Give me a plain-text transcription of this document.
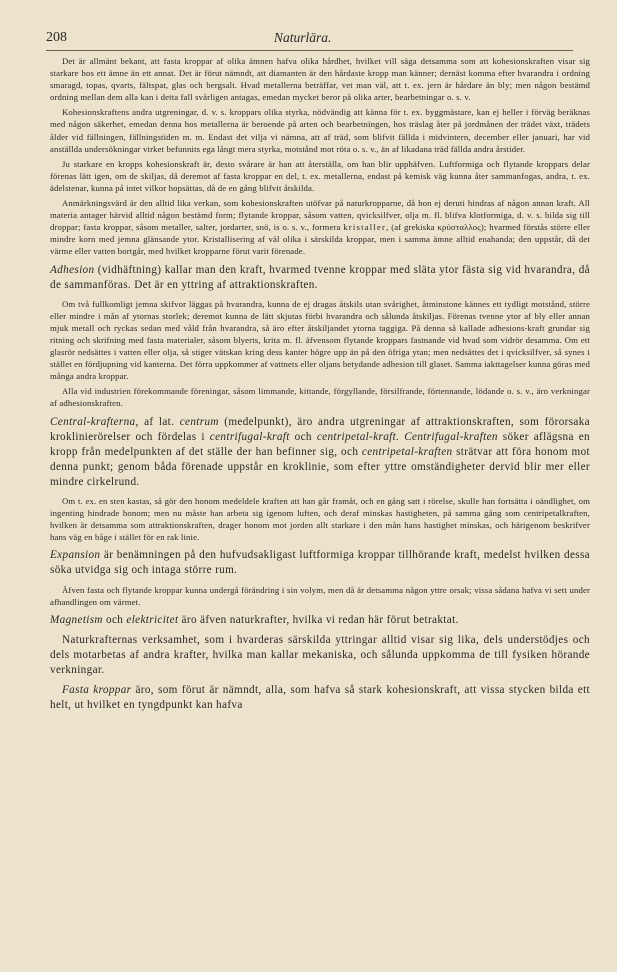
208	Naturlära.

Det är allmänt bekant, att fasta kroppar af olika ämnen hafva olika hårdhet, hvilket vill säga detsamma som att kohesionskraften visar sig starkare hos ett ämne än ett annat. Det är förut nämndt, att diamanten är den hårdaste kropp man känner; dernäst komma efter hvarandra i ordning smaragd, topas, qvarts, fältspat, glas och bergsalt. Hvad metallerna beträffar, vet man väl, att t. ex. jern är hårdare än bly; men någon bestämd ordning mellan dem alla kan i detta fall svårligen antagas, emedan mycket beror på olika arter, bearbetningar o. s. v.

Kohesionskraftens andra utgreningar, d. v. s. kroppars olika styrka, nödvändig att känna för t. ex. byggmästare, kan ej heller i förväg beräknas med någon säkerhet, emedan denna hos metallerna är beroende på arten och bearbetningen, hos träslag åter på jordmånen der trädet växt, trädets ålder vid fällningen, fällningstiden m. m. Endast det vilja vi nämna, att af träd, som blifvit fällda i midvintern, december eller januari, har vid anställda undersökningar virket befunnits ega långt mera styrka, motstånd mot röta o. s. v., än af likadana träd fällda andra årstider.

Ju starkare en kropps kohesionskraft är, desto svårare är han att återställa, om han blir upphäfven. Luftformiga och flytande kroppars delar förenas lätt igen, om de skiljas, då deremot af fasta kroppar en del, t. ex. metallerna, endast på kemisk väg kunna åter sammanfogas, andra, t. ex. ädelstenar, kunna på intet vilkor hopsättas, då de en gång blifvit åtskilda.

Anmärkningsvärd är den alltid lika verkan, som kohesionskraften utöfvar på naturkropparne, då hon ej deruti hindras af någon annan kraft. All materia antager härvid alltid någon bestämd form; flytande kroppar, såsom vatten, qvicksilfver, olja m. fl. blifva klotformiga, d. v. s. bilda sig till droppar; fasta kroppar, såsom metaller, salter, jordarter, snö, is o. s. v., formera kristaller, (af grekiska κρύσταλλος); hvarmed förstås större eller mindre korn med jemna glänsande ytor. Kristallisering af väl olika i särskilda kroppar, men i samma ämne alltid enahanda; den uppstår, då det värme eller vatten bortgår, med hvilket kropparne förut varit förenade.

Adhesion (vidhäftning) kallar man den kraft, hvarmed tvenne kroppar med släta ytor fästa sig vid hvarandra, då de sammanföras. Det är en yttring af attraktionskraften.

Om två fullkomligt jemna skifvor läggas på hvarandra, kunna de ej dragas åtskils utan svårighet, åtminstone kännes ett tydligt motstånd, större eller mindre i mån af ytornas storlek; deremot kunna de lätt skjutas förbi hvarandra och sålunda åtskiljas. Förenas tvenne ytor af bly eller annan mjuk metall och ryckas sedan med våld från hvarandra, så äro efter åtskiljandet ytorna taggiga. På denna så kallade adhesions-kraft grundar sig ritning och skrifning med fasta materialer, såsom blyerts, krita m. fl. äfvensom flytande kroppars fastnande vid hvad som vidrör desamma. Om ett glasrör nedsättes i vatten eller olja, så stiger vätskan kring dess kanter högre upp än på den öfriga ytan; men nedsättes det i qvicksilfver, så synes i stället en fördjupning vid kanterna. Det förra uppkommer af vattnets eller oljans betydande adhesion till glaset. Samma iakttagelser kunna göras med många andra kroppar.

Alla vid industrien förekommande föreningar, såsom limmande, kittande, förgyllande, försilfrande, förtennande, lödande o. s. v., äro verkningar af adhesionskraften.

Central-krafterna, af lat. centrum (medelpunkt), äro andra utgreningar af attraktionskraften, som förorsaka kroklinierörelser och fördelas i centrifugal-kraft och centripetal-kraft. Centrifugal-kraften söker aflägsna en kropp från medelpunkten af det ställe der han befinner sig, och centripetal-kraften strätvar att föra honom mot denna punkt; genom båda förenade uppstår en kroklinie, som efter yttre omständigheter dervid blir mer eller mindre cirkelrund.

Om t. ex. en sten kastas, så gör den honom medeldele kraften att han går framåt, och en gång satt i rörelse, skulle han fortsätta i oändlighet, om ingenting hindrade honom; men nu måste han arbeta sig igenom luften, och deraf minskas hastigheten, på samma gång som centripetalkraften, hvilken är detsamma som attraktionskraften, drager honom mot jorden allt starkare i den mån hans hastighet minskas, och härigenom beskrifver hans väg en båge i stället för en rak linie.

Expansion är benämningen på den hufvudsakligast luftformiga kroppar tillhörande kraft, medelst hvilken dessa söka utvidga sig och intaga större rum.

Äfven fasta och flytande kroppar kunna undergå förändring i sin volym, men då är detsamma någon yttre orsak; vissa sådana hafva vi sett under afhandlingen om värmet.

Magnetism och elektricitet äro äfven naturkrafter, hvilka vi redan här förut betraktat.

Naturkrafternas verksamhet, som i hvarderas särskilda yttringar alltid visar sig lika, dels understödjes och dels motarbetas af andra krafter, hvilka man kallar mekaniska, och sålunda uppkomma de till fysiken hörande verkningar.

Fasta kroppar äro, som förut är nämndt, alla, som hafva så stark kohesionskraft, att vissa stycken bilda ett helt, ut hvilket en tyngdpunkt kan hafva
